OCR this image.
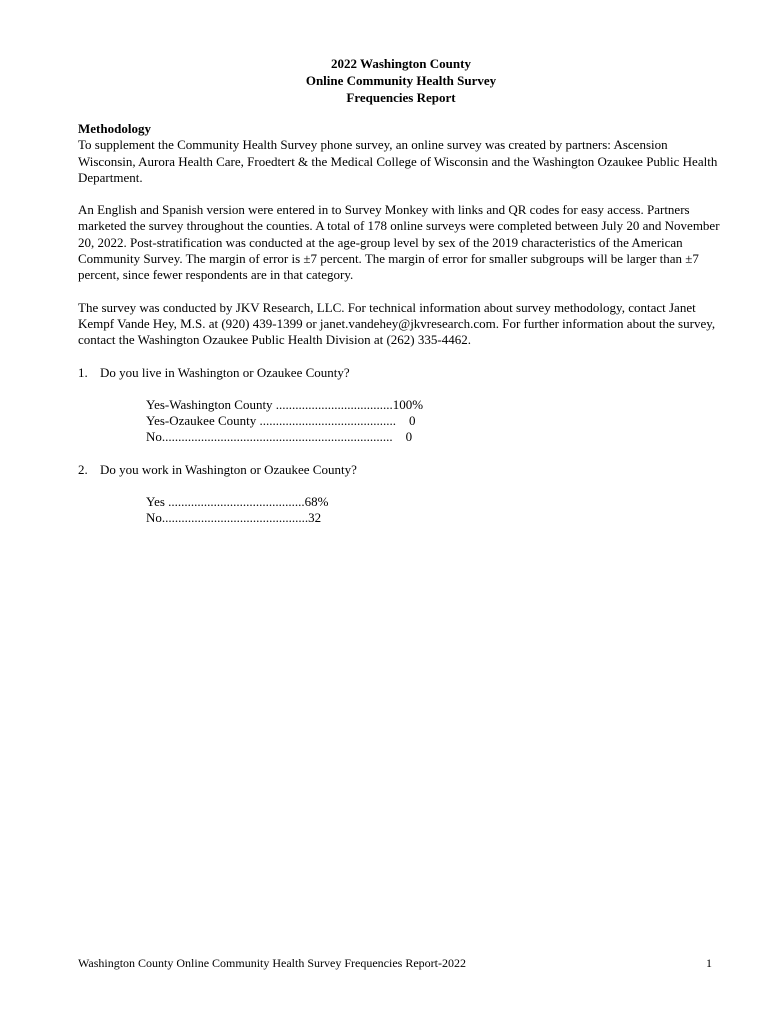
2022 Washington County
Online Community Health Survey
Frequencies Report
Methodology

To supplement the Community Health Survey phone survey, an online survey was created by partners: Ascension Wisconsin, Aurora Health Care, Froedtert & the Medical College of Wisconsin and the Washington Ozaukee Public Health Department.

An English and Spanish version were entered in to Survey Monkey with links and QR codes for easy access. Partners marketed the survey throughout the counties. A total of 178 online surveys were completed between July 20 and November 20, 2022. Post-stratification was conducted at the age-group level by sex of the 2019 characteristics of the American Community Survey. The margin of error is ±7 percent. The margin of error for smaller subgroups will be larger than ±7 percent, since fewer respondents are in that category.

The survey was conducted by JKV Research, LLC. For technical information about survey methodology, contact Janet Kempf Vande Hey, M.S. at (920) 439-1399 or janet.vandehey@jkvresearch.com. For further information about the survey, contact the Washington Ozaukee Public Health Division at (262) 335-4462.

1. Do you live in Washington or Ozaukee County?
Yes-Washington County ....................................100%
Yes-Ozaukee County ..........................................    0
No.......................................................................    0
2. Do you work in Washington or Ozaukee County?
Yes ..........................................68%
No.............................................32
Washington County Online Community Health Survey Frequencies Report-2022	1
